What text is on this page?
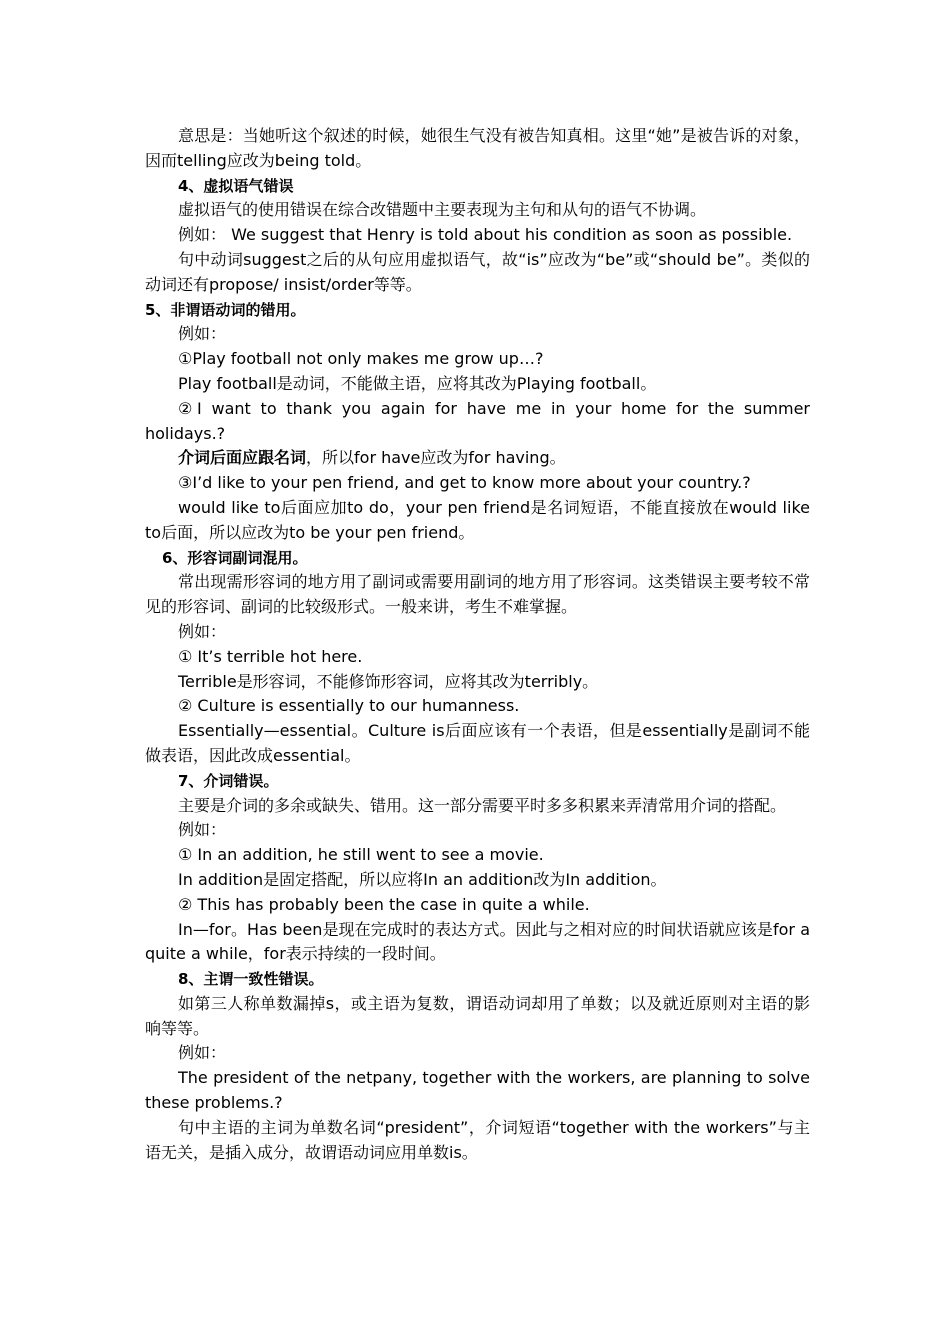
意思是：当她听这个叙述的时候，她很生气没有被告知真相。这里“她”是被告诉的对象，因而telling应改为being told。

4、虚拟语气错误

虚拟语气的使用错误在综合改错题中主要表现为主句和从句的语气不协调。

例如： We suggest that Henry is told about his condition as soon as possible.

句中动词suggest之后的从句应用虚拟语气，故“is”应改为“be”或“should be”。类似的动词还有propose/ insist/order等等。

5、非谓语动词的错用。

例如：

①Play football not only makes me grow up…?

Play football是动词，不能做主语，应将其改为Playing football。

②I want to thank you again for have me in your home for the summer holidays.?

介词后面应跟名词，所以for have应改为for having。

③I’d like to your pen friend, and get to know more about your country.?

would like to后面应加to do，your pen friend是名词短语，不能直接放在would like to后面，所以应改为to be your pen friend。

6、形容词副词混用。

常出现需形容词的地方用了副词或需要用副词的地方用了形容词。这类错误主要考较不常见的形容词、副词的比较级形式。一般来讲，考生不难掌握。

例如：

① It’s terrible hot here.

Terrible是形容词，不能修饰形容词，应将其改为terribly。

② Culture is essentially to our humanness.

Essentially—essential。Culture is后面应该有一个表语，但是essentially是副词不能做表语，因此改成essential。

7、介词错误。

主要是介词的多余或缺失、错用。这一部分需要平时多多积累来弄清常用介词的搭配。

例如：

① In an addition, he still went to see a movie.

In addition是固定搭配，所以应将In an addition改为In addition。

② This has probably been the case in quite a while.

In—for。Has been是现在完成时的表达方式。因此与之相对应的时间状语就应该是for a quite a while，for表示持续的一段时间。

8、主谓一致性错误。

如第三人称单数漏掉s，或主语为复数，谓语动词却用了单数；以及就近原则对主语的影响等等。

例如：

The president of the netpany, together with the workers, are planning to solve these problems.?

句中主语的主词为单数名词“president”，介词短语“together with the workers”与主语无关，是插入成分，故谓语动词应用单数is。
